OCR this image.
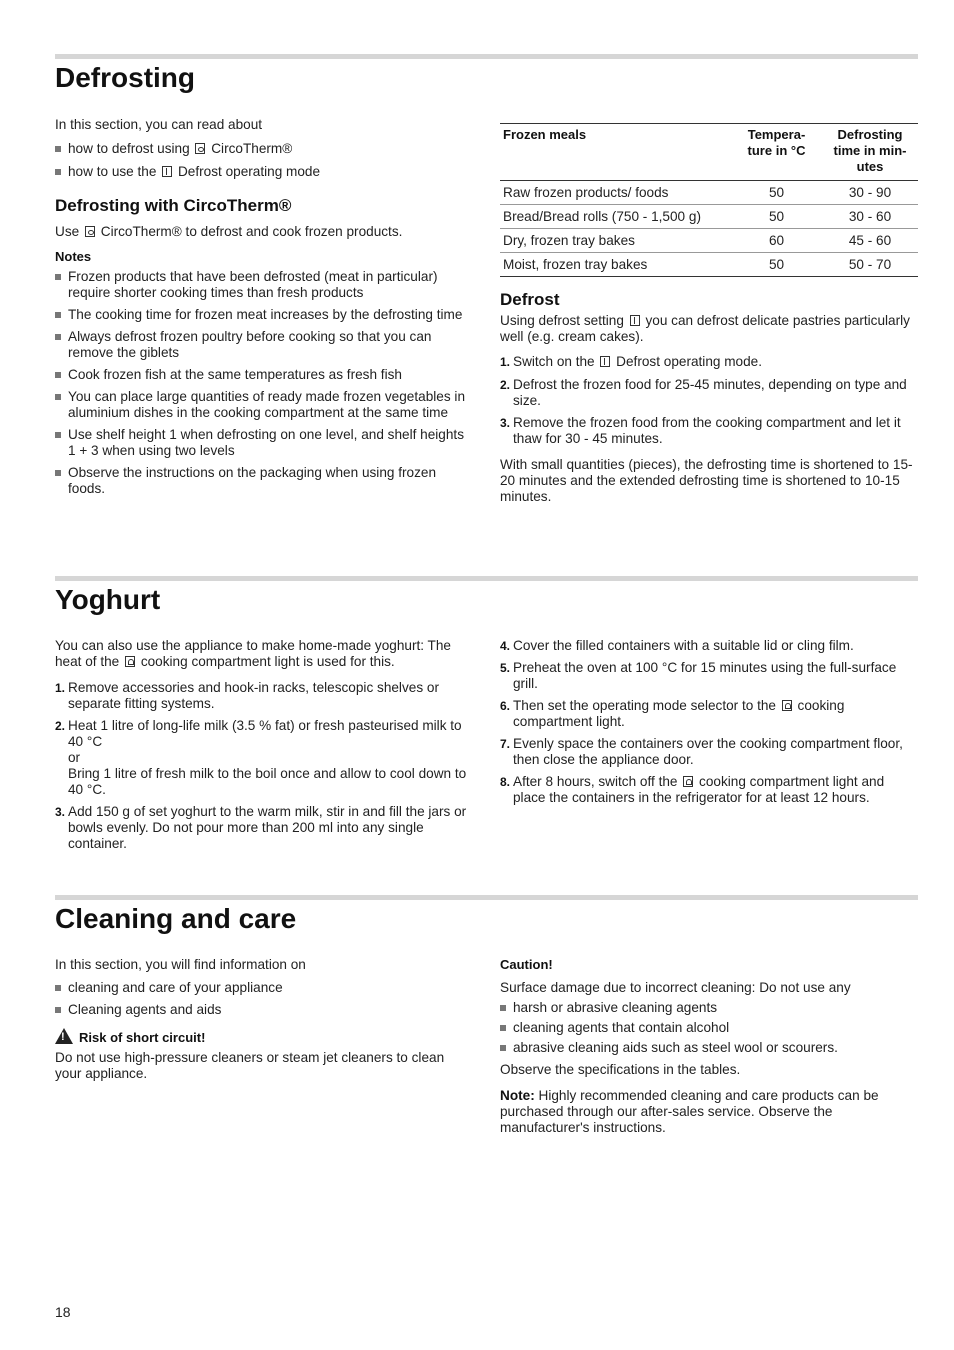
Defrosting

In this section, you can read about

how to defrost using CircoTherm®
how to use the Defrost operating mode
Defrosting with CircoTherm®

Use CircoTherm® to defrost and cook frozen products.

Notes

Frozen products that have been defrosted (meat in particular) require shorter cooking times than fresh products
The cooking time for frozen meat increases by the defrosting time
Always defrost frozen poultry before cooking so that you can remove the giblets
Cook frozen fish at the same temperatures as fresh fish
You can place large quantities of ready made frozen vegetables in aluminium dishes in the cooking compartment at the same time
Use shelf height 1 when defrosting on one level, and shelf heights 1 + 3 when using two levels
Observe the instructions on the packaging when using frozen foods.
Frozen meals	Tempera-
ture in °C	Defrosting
time in min-
utes
Raw frozen products/ foods	50	30 - 90
Bread/Bread rolls (750 - 1,500 g)	50	30 - 60
Dry, frozen tray bakes	60	45 - 60
Moist, frozen tray bakes	50	50 - 70
Defrost

Using defrost setting you can defrost delicate pastries particularly well (e.g. cream cakes).

1. Switch on the Defrost operating mode.
2. Defrost the frozen food for 25-45 minutes, depending on type and size.
3. Remove the frozen food from the cooking compartment and let it thaw for 30 - 45 minutes.

With small quantities (pieces), the defrosting time is shortened to 15-20 minutes and the extended defrosting time is shortened to 10-15 minutes.

Yoghurt

You can also use the appliance to make home-made yoghurt: The heat of the cooking compartment light is used for this.

1. Remove accessories and hook-in racks, telescopic shelves or separate fitting systems.
2. Heat 1 litre of long-life milk (3.5 % fat) or fresh pasteurised milk to 40 °C
or
Bring 1 litre of fresh milk to the boil once and allow to cool down to 40 °C.
3. Add 150 g of set yoghurt to the warm milk, stir in and fill the jars or bowls evenly. Do not pour more than 200 ml into any single container.
4. Cover the filled containers with a suitable lid or cling film.
5. Preheat the oven at 100 °C for 15 minutes using the full-surface grill.
6. Then set the operating mode selector to the cooking compartment light.
7. Evenly space the containers over the cooking compartment floor, then close the appliance door.
8. After 8 hours, switch off the cooking compartment light and place the containers in the refrigerator for at least 12 hours.
Cleaning and care

In this section, you will find information on

cleaning and care of your appliance
Cleaning agents and aids

!Risk of short circuit!

Do not use high-pressure cleaners or steam jet cleaners to clean your appliance.

Caution!

Surface damage due to incorrect cleaning: Do not use any

harsh or abrasive cleaning agents
cleaning agents that contain alcohol
abrasive cleaning aids such as steel wool or scourers.

Observe the specifications in the tables.

Note: Highly recommended cleaning and care products can be purchased through our after-sales service. Observe the manufacturer's instructions.

18
